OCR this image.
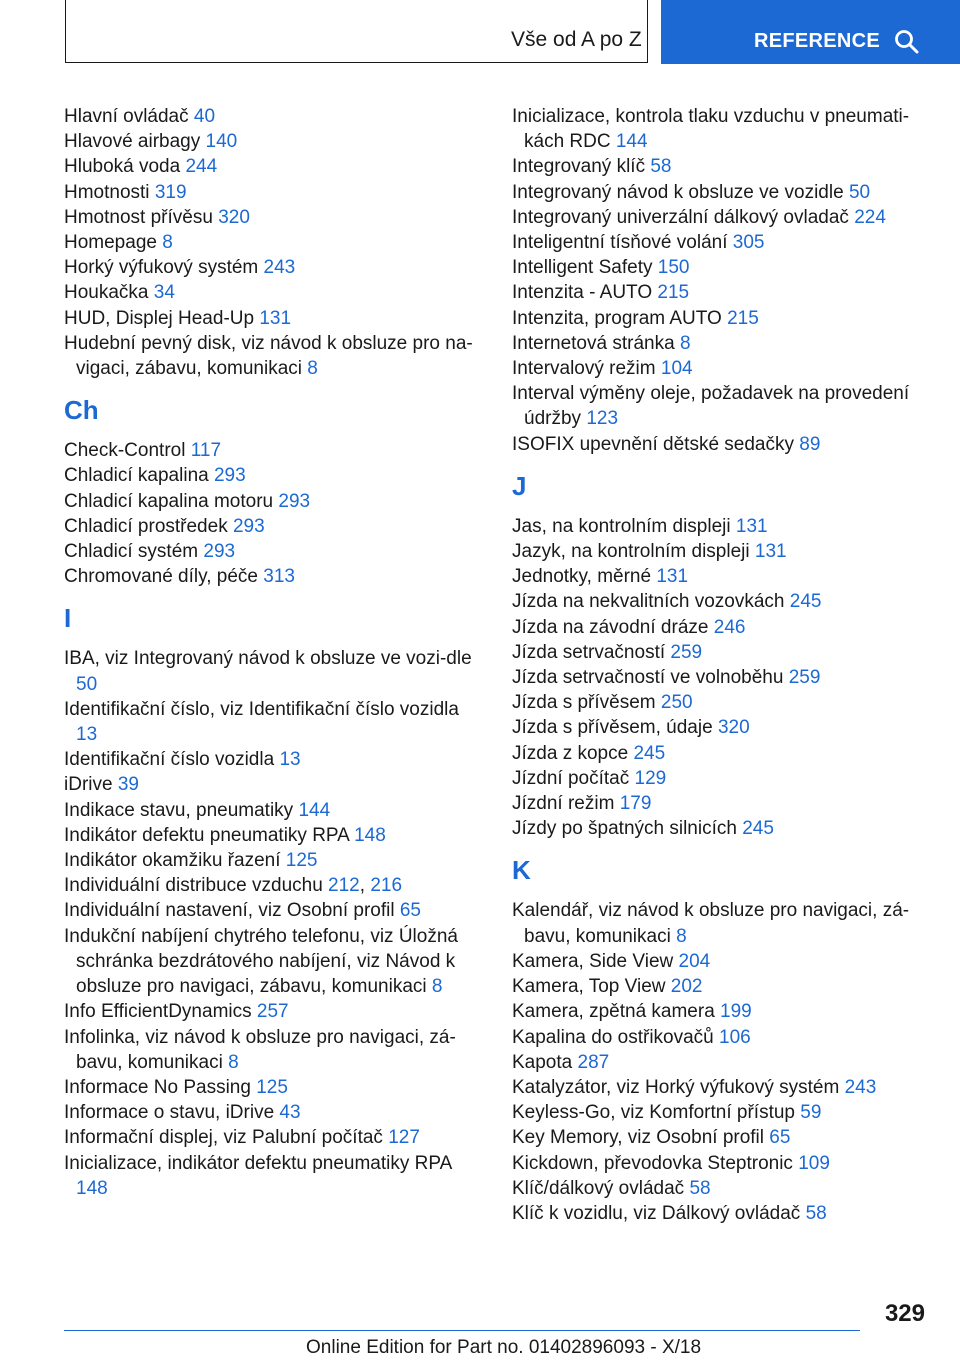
Vše od A po Z	REFERENCE
Hlavní ovládač 40
Hlavové airbagy 140
Hluboká voda 244
Hmotnosti 319
Hmotnost přívěsu 320
Homepage 8
Horký výfukový systém 243
Houkačka 34
HUD, Displej Head-Up 131
Hudební pevný disk, viz návod k obsluze pro na-vigaci, zábavu, komunikaci 8
Ch
Check-Control 117
Chladicí kapalina 293
Chladicí kapalina motoru 293
Chladicí prostředek 293
Chladicí systém 293
Chromované díly, péče 313
I
IBA, viz Integrovaný návod k obsluze ve vozi-dle 50
Identifikační číslo, viz Identifikační číslo vozidla 13
Identifikační číslo vozidla 13
iDrive 39
Indikace stavu, pneumatiky 144
Indikátor defektu pneumatiky RPA 148
Indikátor okamžiku řazení 125
Individuální distribuce vzduchu 212, 216
Individuální nastavení, viz Osobní profil 65
Indukční nabíjení chytrého telefonu, viz Úložná schránka bezdrátového nabíjení, viz Návod k obsluze pro navigaci, zábavu, komunikaci 8
Info EfficientDynamics 257
Infolinka, viz návod k obsluze pro navigaci, zá-bavu, komunikaci 8
Informace No Passing 125
Informace o stavu, iDrive 43
Informační displej, viz Palubní počítač 127
Inicializace, indikátor defektu pneumatiky RPA 148
Inicializace, kontrola tlaku vzduchu v pneumati-kách RDC 144
Integrovaný klíč 58
Integrovaný návod k obsluze ve vozidle 50
Integrovaný univerzální dálkový ovladač 224
Inteligentní tísňové volání 305
Intelligent Safety 150
Intenzita - AUTO 215
Intenzita, program AUTO 215
Internetová stránka 8
Intervalový režim 104
Interval výměny oleje, požadavek na provedení údržby 123
ISOFIX upevnění dětské sedačky 89
J
Jas, na kontrolním displeji 131
Jazyk, na kontrolním displeji 131
Jednotky, měrné 131
Jízda na nekvalitních vozovkách 245
Jízda na závodní dráze 246
Jízda setrvačností 259
Jízda setrvačností ve volnoběhu 259
Jízda s přívěsem 250
Jízda s přívěsem, údaje 320
Jízda z kopce 245
Jízdní počítač 129
Jízdní režim 179
Jízdy po špatných silnicích 245
K
Kalendář, viz návod k obsluze pro navigaci, zá-bavu, komunikaci 8
Kamera, Side View 204
Kamera, Top View 202
Kamera, zpětná kamera 199
Kapalina do ostřikovačů 106
Kapota 287
Katalyzátor, viz Horký výfukový systém 243
Keyless-Go, viz Komfortní přístup 59
Key Memory, viz Osobní profil 65
Kickdown, převodovka Steptronic 109
Klíč/dálkový ovládač 58
Klíč k vozidlu, viz Dálkový ovládač 58
329
Online Edition for Part no. 01402896093 - X/18
